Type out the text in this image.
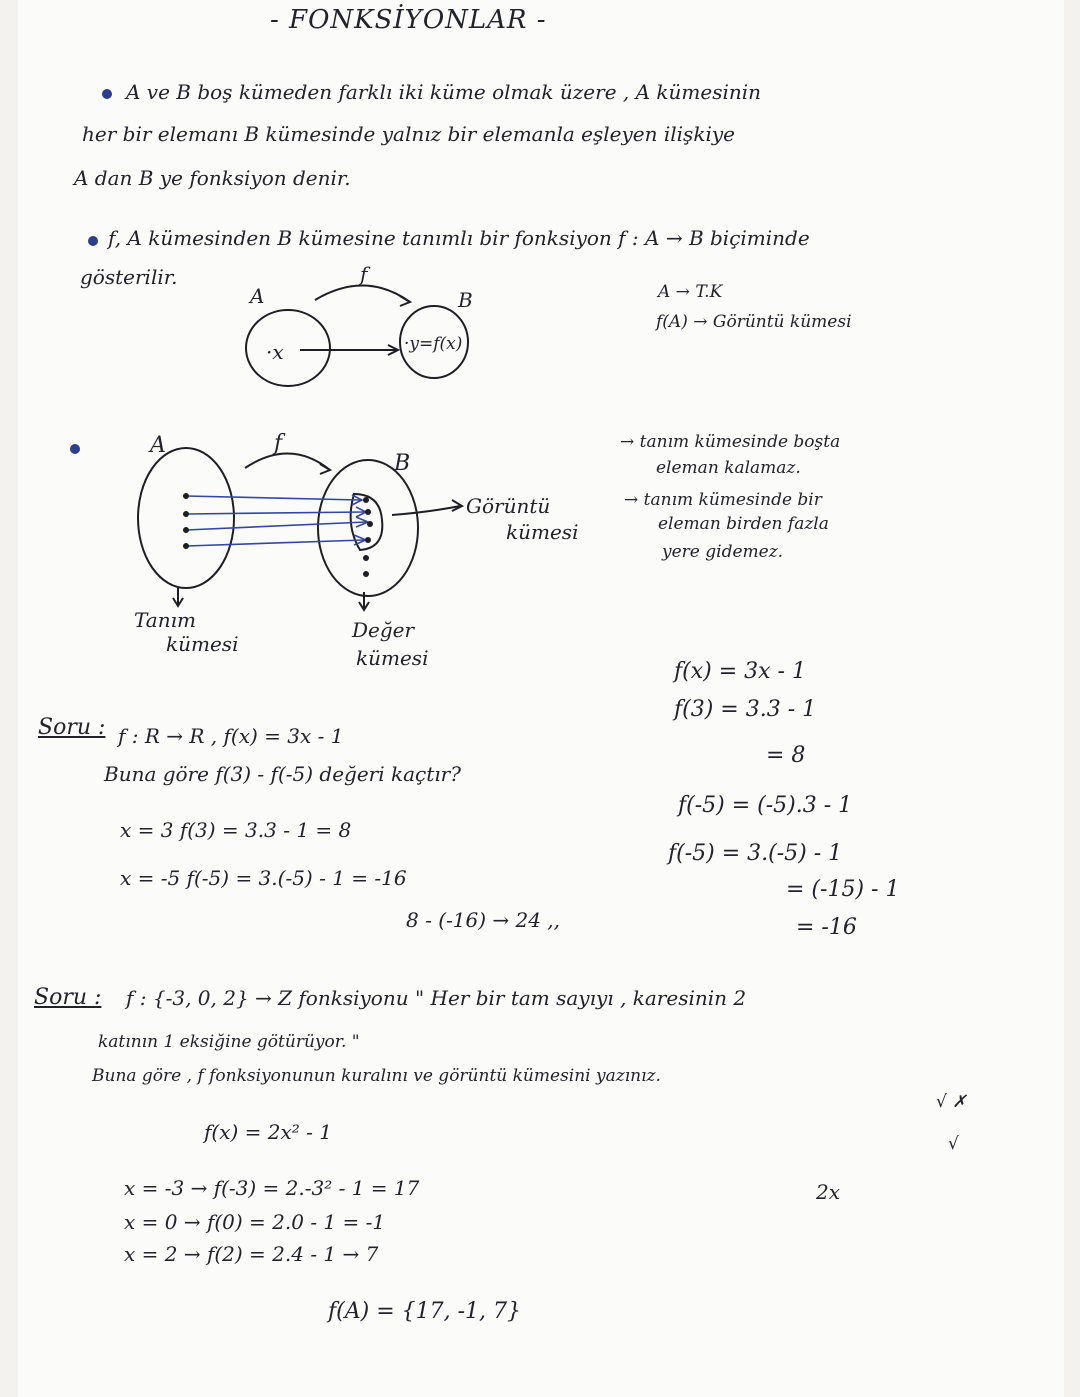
- FONKSİYONLAR -
A ve B boş kümeden farklı iki küme olmak üzere , A kümesinin
her bir elemanı B kümesinde yalnız bir elemanla eşleyen ilişkiye
A dan B ye fonksiyon denir.
f, A kümesinden B kümesine tanımlı bir fonksiyon f : A → B biçiminde
gösterilir.
A
f
B
·x	·y=f(x)
A → T.K
f(A) → Görüntü kümesi
A	f
B
Görüntü
kümesi
Tanım
kümesi
Değer
kümesi
→ tanım kümesinde boşta
eleman kalamaz.
→ tanım kümesinde bir
eleman birden fazla
yere gidemez.
f(x) = 3x - 1
f(3) = 3.3 - 1
= 8
f(-5) = (-5).3 - 1
f(-5) = 3.(-5) - 1
= (-15) - 1
= -16
Soru : f : R → R , f(x) = 3x - 1
Buna göre f(3) - f(-5) değeri kaçtır?
x = 3 f(3) = 3.3 - 1 = 8
x = -5 f(-5) = 3.(-5) - 1 = -16
8 - (-16) → 24 ,,
Soru : f : {-3, 0, 2} → Z fonksiyonu " Her bir tam sayıyı , karesinin 2
katının 1 eksiğine götürüyor. "
Buna göre , f fonksiyonunun kuralını ve görüntü kümesini yazınız.
f(x) = 2x² - 1
x = -3 → f(-3) = 2.-3² - 1 = 17
x = 0 → f(0) = 2.0 - 1 = -1
x = 2 → f(2) = 2.4 - 1 → 7
f(A) = {17, -1, 7}
2x
√ ✗
√
